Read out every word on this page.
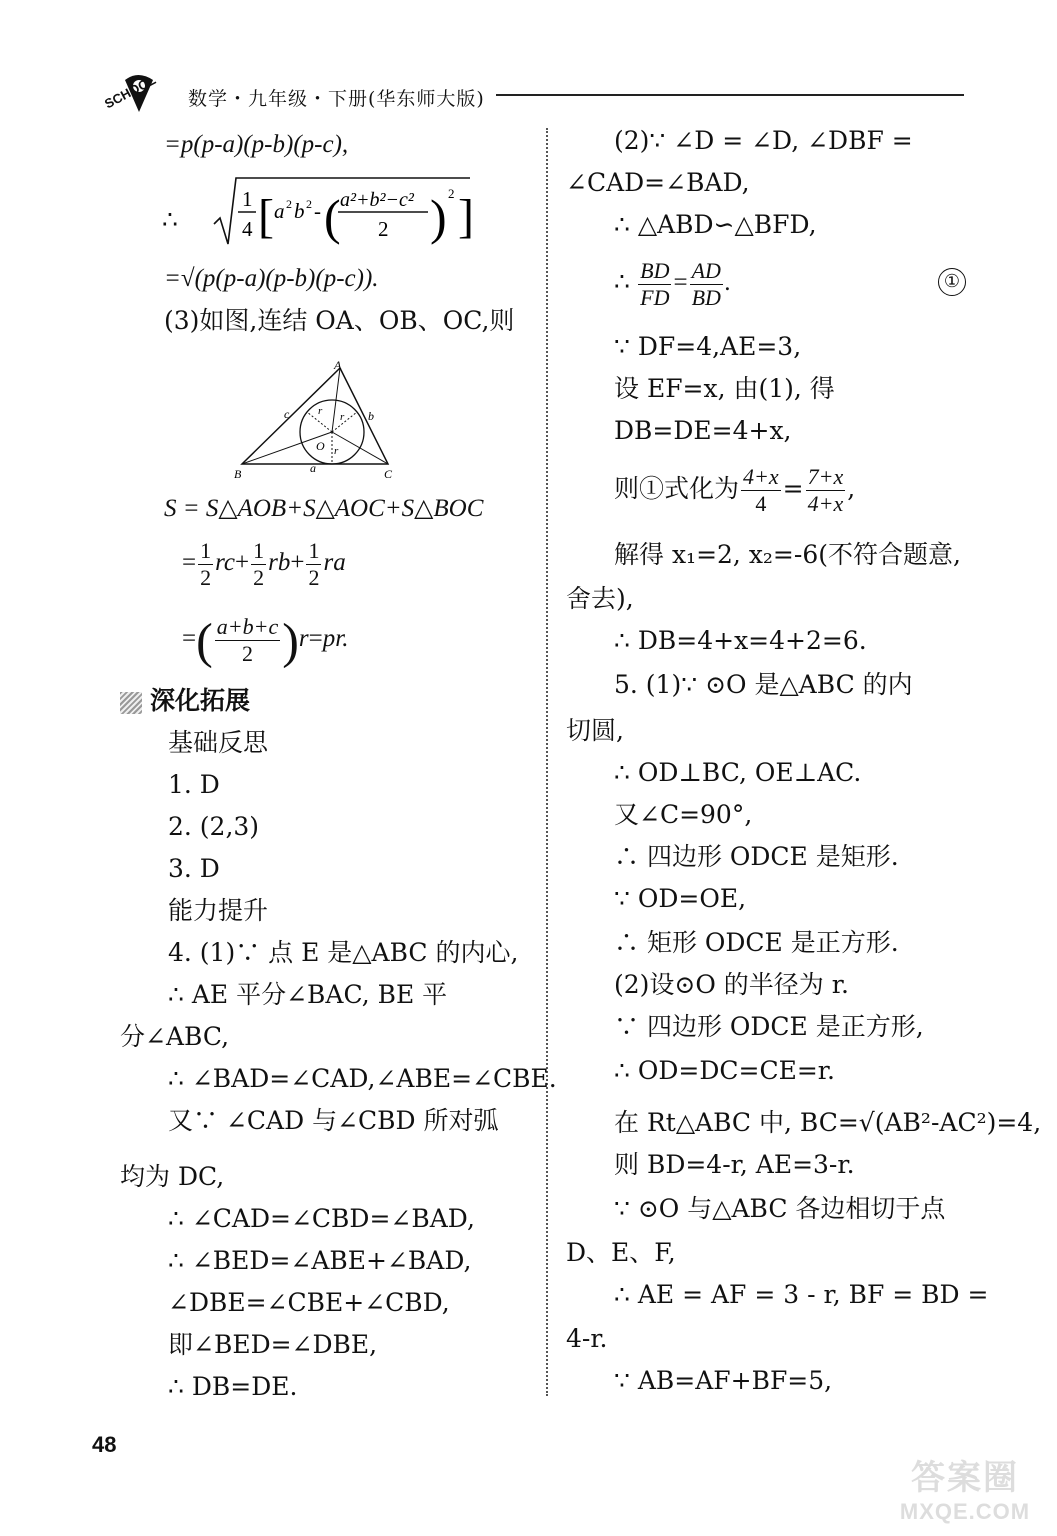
SCHOOL 数学・九年级・下册(华东师大版)
=p(p-a)(p-b)(p-c),
∴
1
4 [ a 2 b 2 - ( a²+b²−c²
2 ) 2 ]
=√(p(p-a)(p-b)(p-c)).
(3)如图,连结 OA、OB、OC,则
A
B	C
O
a
b
c	r r
r
S = S△AOB+S△AOC+S△BOC
= $\frac{1}{2} rc+ \frac{1}{2} rb+ \frac{1}{2}$ ra
=( $\frac{a+b+c}{2} )r=pr$.
深化拓展
基础反思
1. D
2. (2,3)
3. D
能力提升
4. (1)∵ 点 E 是△ABC 的内心,
∴ AE 平分∠BAC, BE 平
分∠ABC,
∴ ∠BAD=∠CAD,∠ABE=∠CBE.
又∵ ∠CAD 与∠CBD 所对弧
均为 DC,
∴ ∠CAD=∠CBD=∠BAD,
∴ ∠BED=∠ABE+∠BAD,
∠DBE=∠CBE+∠CBD,
即∠BED=∠DBE,
∴ DB=DE.
(2)∵ ∠D = ∠D, ∠DBF =
∠CAD=∠BAD,
∴ △ABD∽△BFD,
∴ $\frac{BD}{FD} = \frac{AD}{BD}$ .	①
∵ DF=4,AE=3,
设 EF=x, 由(1), 得
DB=DE=4+x,
则①式化为 $\frac{4+x}{4} = \frac{7+x}{4+x}$ ,
解得 x₁=2, x₂=-6(不符合题意,
舍去),
∴ DB=4+x=4+2=6.
5. (1)∵ ⊙O 是△ABC 的内
切圆,
∴ OD⊥BC, OE⊥AC.
又∠C=90°,
∴ 四边形 ODCE 是矩形.
∵ OD=OE,
∴ 矩形 ODCE 是正方形.
(2)设⊙O 的半径为 r.
∵ 四边形 ODCE 是正方形,
∴ OD=DC=CE=r.
在 Rt△ABC 中, BC=√(AB²-AC²)=4,
则 BD=4-r, AE=3-r.
∵ ⊙O 与△ABC 各边相切于点
D、E、F,
∴ AE = AF = 3 - r, BF = BD =
4-r.
∵ AB=AF+BF=5,
48
答案圈
MXQE.COM
